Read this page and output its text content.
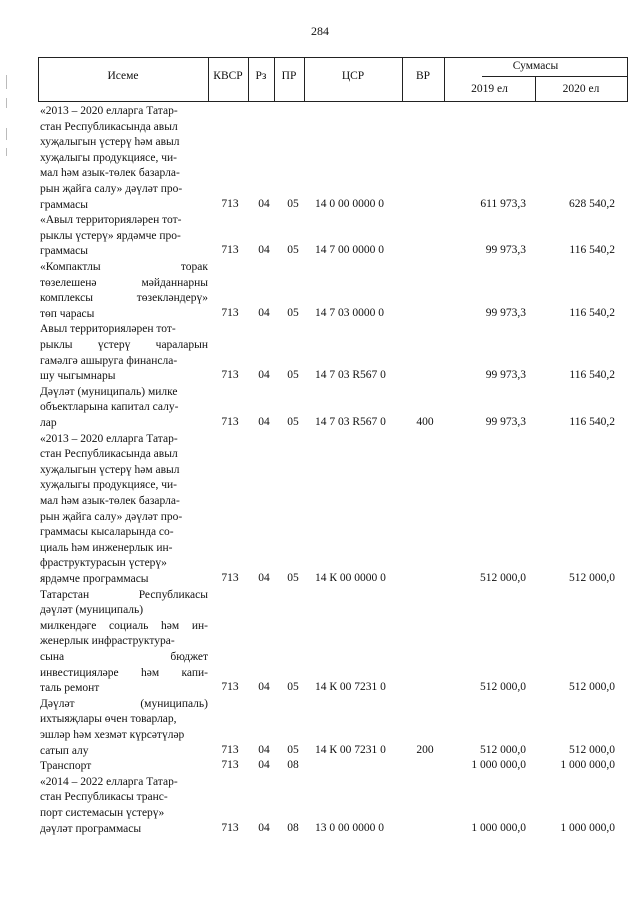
284
Исеме	КВСР	Рз	ПР	ЦСР	ВР
Суммасы
2019 ел	2020 ел
«2013 – 2020 елларга Татар-
стан Республикасында авыл
хуҗалыгын үстерү һәм авыл
хуҗалыгы продукциясе, чи-
мал һәм азык-төлек базарла-
рын җайга салу» дәүләт про-
граммасы	713 04 05 14 0 00 0000 0	611 973,3	628 540,2
«Авыл территорияләрен тот-
рыклы үстерү» ярдәмче про-
граммасы	713 04 05 14 7 00 0000 0	99 973,3	116 540,2
«Компактлы торак
төзелешенә мәйданнарны
комплексы төзекләндерү»
төп чарасы	713 04 05 14 7 03 0000 0	99 973,3	116 540,2
Авыл территорияләрен тот-
рыклы үстерү чараларын
гамәлгә ашыруга финансла-
шу чыгымнары	713 04 05 14 7 03 R567 0	99 973,3	116 540,2
Дәүләт (муниципаль) милке
объектларына капитал салу-
лар	713 04 05 14 7 03 R567 0	400	99 973,3	116 540,2
«2013 – 2020 елларга Татар-
стан Республикасында авыл
хуҗалыгын үстерү һәм авыл
хуҗалыгы продукциясе, чи-
мал һәм азык-төлек базарла-
рын җайга салу» дәүләт про-
граммасы кысаларында со-
циаль һәм инженерлык ин-
фраструктурасын үстерү»
ярдәмче программасы	713 04 05 14 К 00 0000 0	512 000,0	512 000,0
Татарстан Республикасы
дәүләт (муниципаль)
милкендәге социаль һәм ин-
женерлык инфраструктура-
сына бюджет
инвестицияләре һәм капи-
таль ремонт	713 04 05 14 К 00 7231 0	512 000,0	512 000,0
Дәүләт (муниципаль)
ихтыяҗлары өчен товарлар,
эшләр һәм хезмәт күрсәтүләр
сатып алу	713 04 05 14 К 00 7231 0	200	512 000,0	512 000,0
Транспорт	713 04 08	1 000 000,0	1 000 000,0
«2014 – 2022 елларга Татар-
стан Республикасы транс-
порт системасын үстерү»
дәүләт программасы	713 04 08 13 0 00 0000 0	1 000 000,0	1 000 000,0
